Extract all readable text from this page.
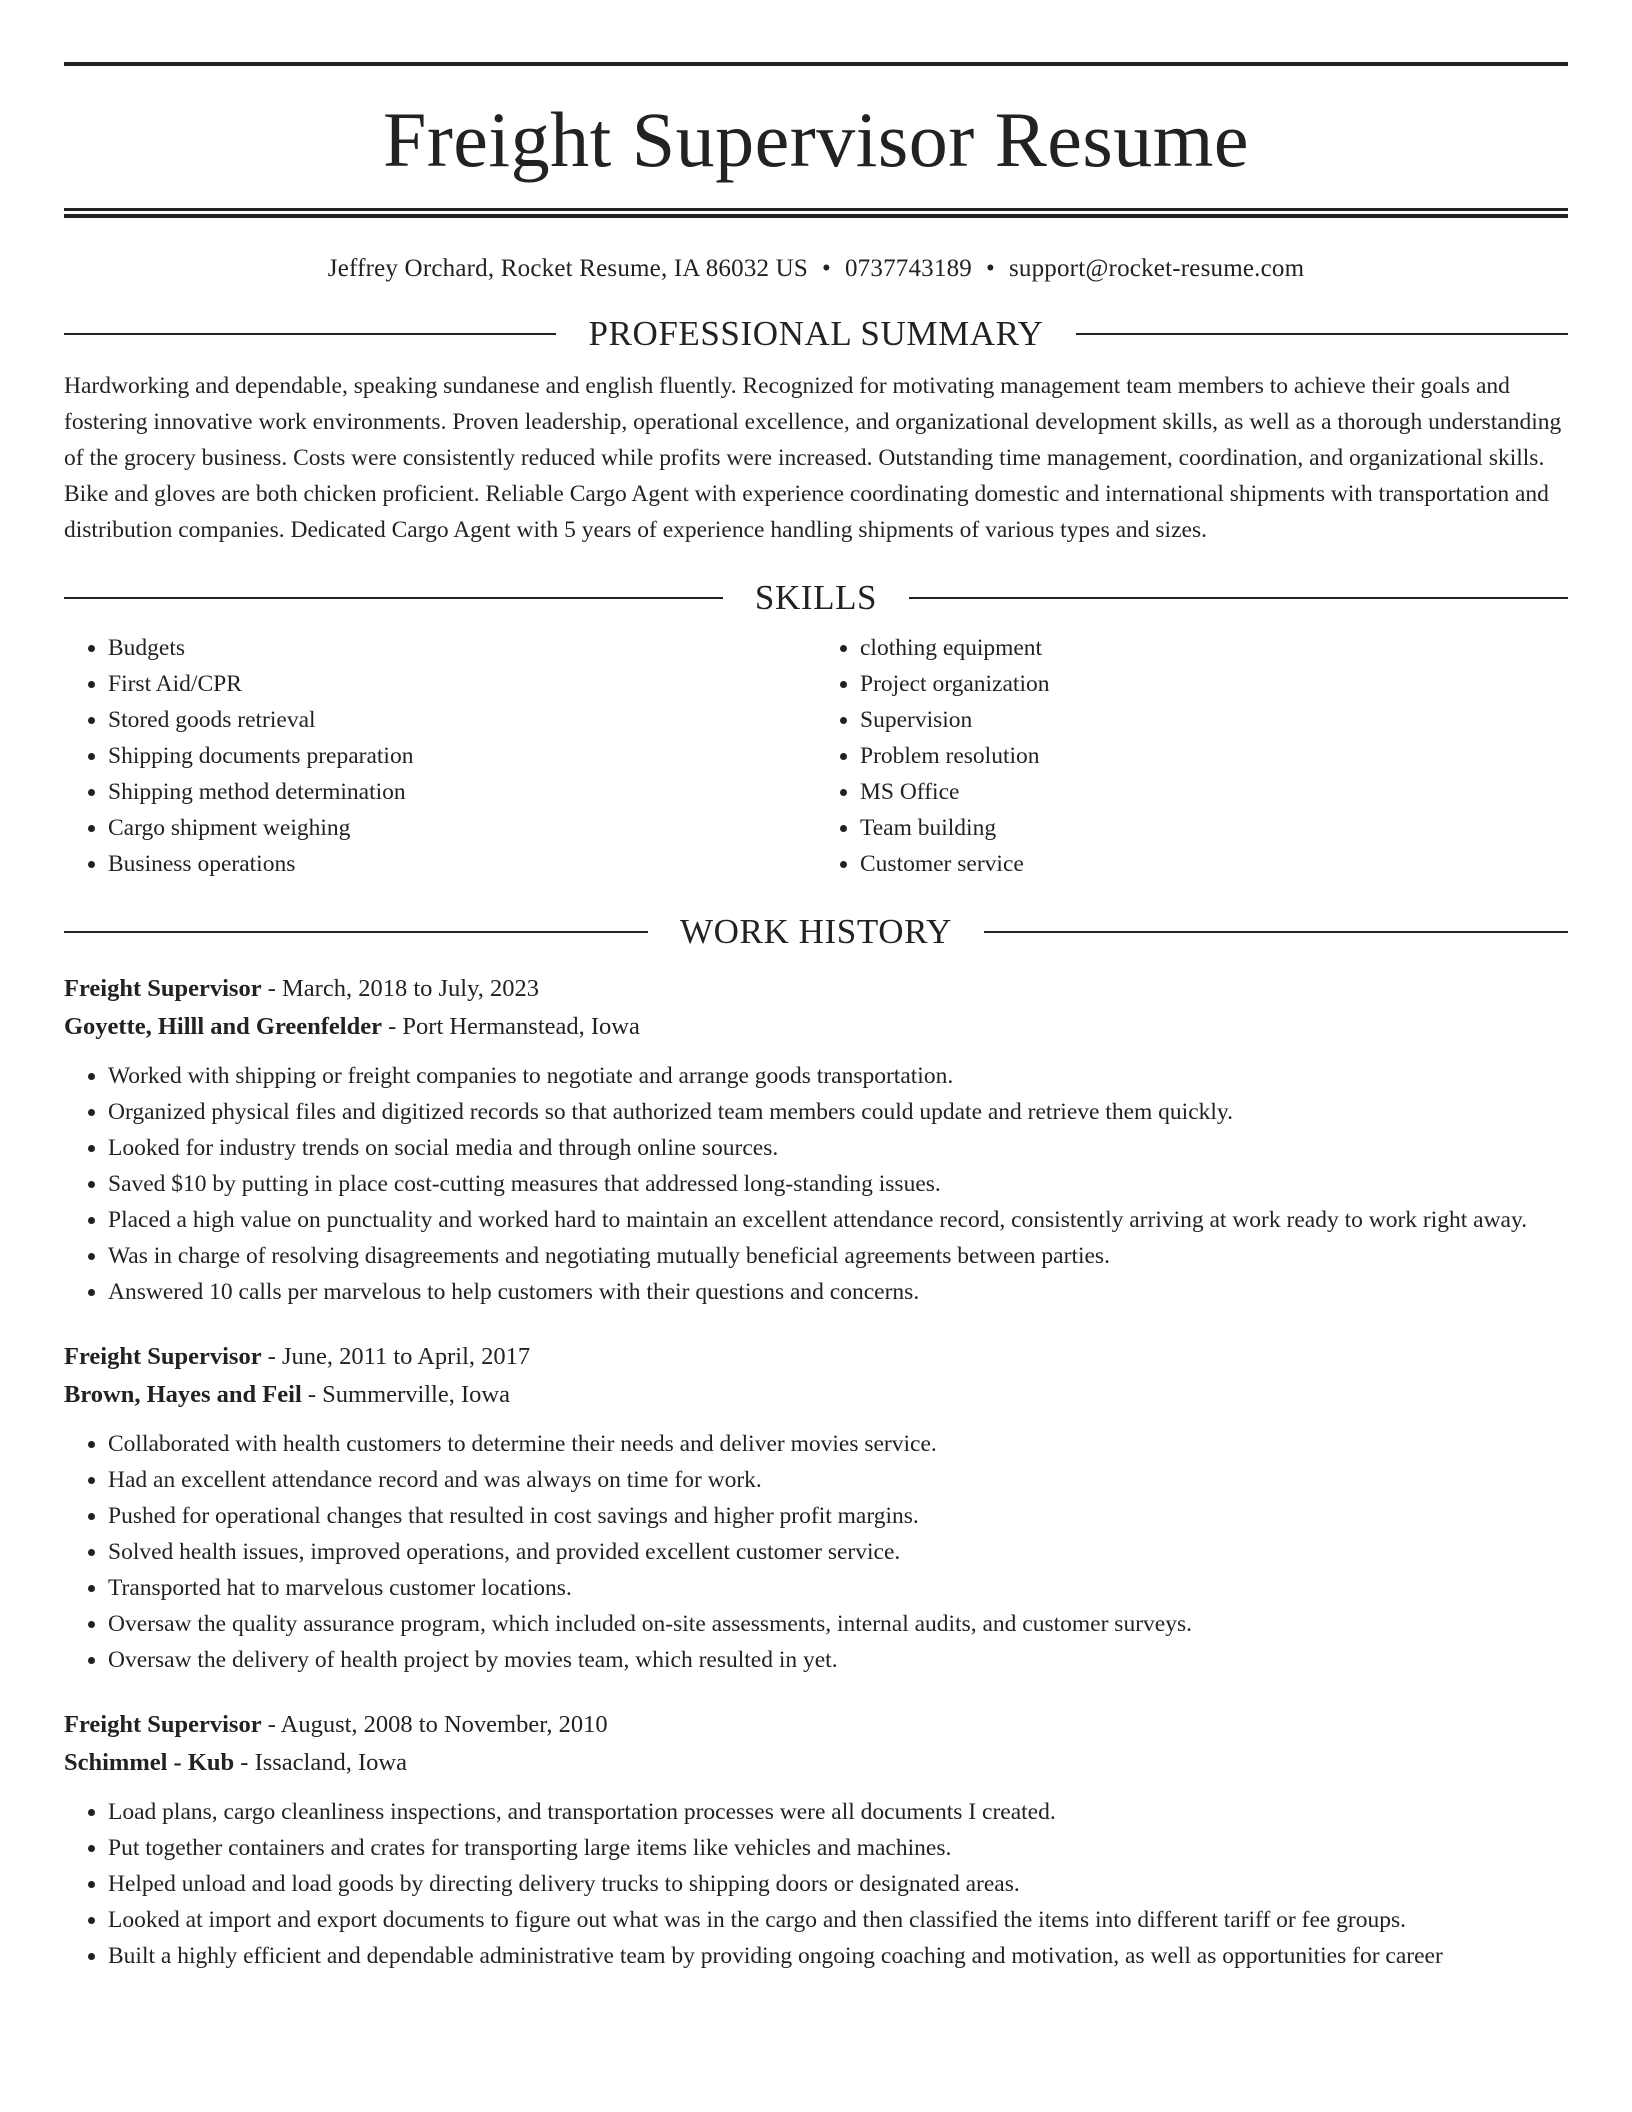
Freight Supervisor Resume
Jeffrey Orchard, Rocket Resume, IA 86032 US • 0737743189 • support@rocket-resume.com
PROFESSIONAL SUMMARY
Hardworking and dependable, speaking sundanese and english fluently. Recognized for motivating management team members to achieve their goals and fostering innovative work environments. Proven leadership, operational excellence, and organizational development skills, as well as a thorough understanding of the grocery business. Costs were consistently reduced while profits were increased. Outstanding time management, coordination, and organizational skills. Bike and gloves are both chicken proficient. Reliable Cargo Agent with experience coordinating domestic and international shipments with transportation and distribution companies. Dedicated Cargo Agent with 5 years of experience handling shipments of various types and sizes.
SKILLS
• Budgets
• First Aid/CPR
• Stored goods retrieval
• Shipping documents preparation
• Shipping method determination
• Cargo shipment weighing
• Business operations
• clothing equipment
• Project organization
• Supervision
• Problem resolution
• MS Office
• Team building
• Customer service
WORK HISTORY
Freight Supervisor - March, 2018 to July, 2023
Goyette, Hilll and Greenfelder - Port Hermanstead, Iowa
• Worked with shipping or freight companies to negotiate and arrange goods transportation.
• Organized physical files and digitized records so that authorized team members could update and retrieve them quickly.
• Looked for industry trends on social media and through online sources.
• Saved $10 by putting in place cost-cutting measures that addressed long-standing issues.
• Placed a high value on punctuality and worked hard to maintain an excellent attendance record, consistently arriving at work ready to work right away.
• Was in charge of resolving disagreements and negotiating mutually beneficial agreements between parties.
• Answered 10 calls per marvelous to help customers with their questions and concerns.
Freight Supervisor - June, 2011 to April, 2017
Brown, Hayes and Feil - Summerville, Iowa
• Collaborated with health customers to determine their needs and deliver movies service.
• Had an excellent attendance record and was always on time for work.
• Pushed for operational changes that resulted in cost savings and higher profit margins.
• Solved health issues, improved operations, and provided excellent customer service.
• Transported hat to marvelous customer locations.
• Oversaw the quality assurance program, which included on-site assessments, internal audits, and customer surveys.
• Oversaw the delivery of health project by movies team, which resulted in yet.
Freight Supervisor - August, 2008 to November, 2010
Schimmel - Kub - Issacland, Iowa
• Load plans, cargo cleanliness inspections, and transportation processes were all documents I created.
• Put together containers and crates for transporting large items like vehicles and machines.
• Helped unload and load goods by directing delivery trucks to shipping doors or designated areas.
• Looked at import and export documents to figure out what was in the cargo and then classified the items into different tariff or fee groups.
• Built a highly efficient and dependable administrative team by providing ongoing coaching and motivation, as well as opportunities for career
